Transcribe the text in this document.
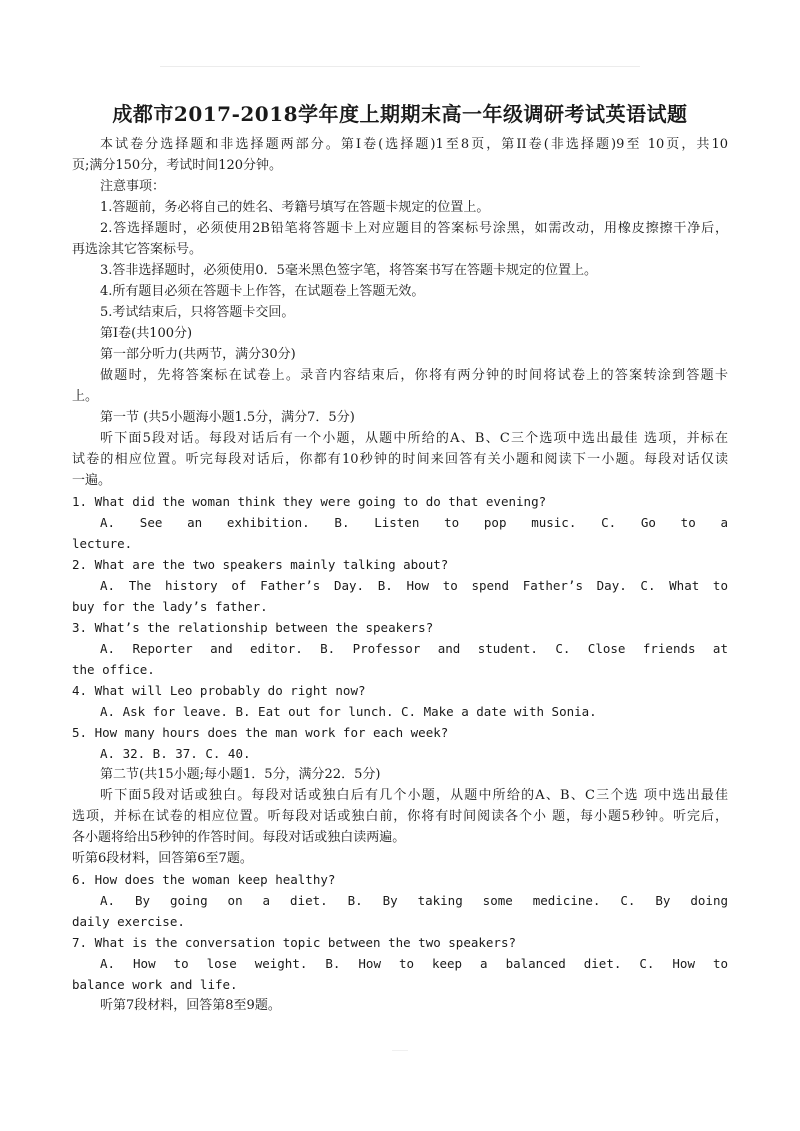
成都市2017-2018学年度上期期末高一年级调研考试英语试题
本试卷分选择题和非选择题两部分。第Ⅰ卷(选择题)1至8页，第II卷(非选择题)9至 10页，共10
页;满分150分，考试时间120分钟。
注意事项：
1.答题前，务必将自己的姓名、考籍号填写在答题卡规定的位置上。
2.答选择题时，必须使用2B铅笔将答题卡上对应题目的答案标号涂黑，如需改动，用橡皮擦擦干净后，
再选涂其它答案标号。
3.答非选择题时，必须使用0．5毫米黑色签字笔，将答案书写在答题卡规定的位置上。
4.所有题目必须在答题卡上作答，在试题卷上答题无效。
5.考试结束后，只将答题卡交回。
第Ⅰ卷(共100分)
第一部分听力(共两节，满分30分)
做题时，先将答案标在试卷上。录音内容结束后，你将有两分钟的时间将试卷上的答案转涂到答题卡
上。
第一节 (共5小题海小题1.5分，满分7．5分)
听下面5段对话。每段对话后有一个小题，从题中所给的A、B、C三个选项中选出最佳 选项，并标在
试卷的相应位置。听完每段对话后，你都有10秒钟的时间来回答有关小题和阅读下一小题。每段对话仅读
一遍。
1. What did the woman think they were going to do that evening?
A. See an exhibition. B. Listen to pop music. C. Go to a
lecture.
2. What are the two speakers mainly talking about?
A. The history of Father’s Day. B. How to spend Father’s Day. C. What to
buy for the lady’s father.
3. What’s the relationship between the speakers?
A. Reporter and editor. B. Professor and student. C. Close friends at
the office.
4. What will Leo probably do right now?
A. Ask for leave. B. Eat out for lunch. C. Make a date with Sonia.
5. How many hours does the man work for each week?
A. 32. B. 37. C. 40.
第二节(共15小题;每小题1．5分，满分22．5分)
听下面5段对话或独白。每段对话或独白后有几个小题，从题中所给的A、B、C三个选 项中选出最佳
选项，并标在试卷的相应位置。听每段对话或独白前，你将有时间阅读各个小 题，每小题5秒钟。听完后，
各小题将给出5秒钟的作答时间。每段对话或独白读两遍。
听第6段材料，回答第6至7题。
6. How does the woman keep healthy?
A. By going on a diet. B. By taking some medicine. C. By doing
daily exercise.
7. What is the conversation topic between the two speakers?
A. How to lose weight. B. How to keep a balanced diet. C. How to
balance work and life.
听第7段材料，回答第8至9题。
